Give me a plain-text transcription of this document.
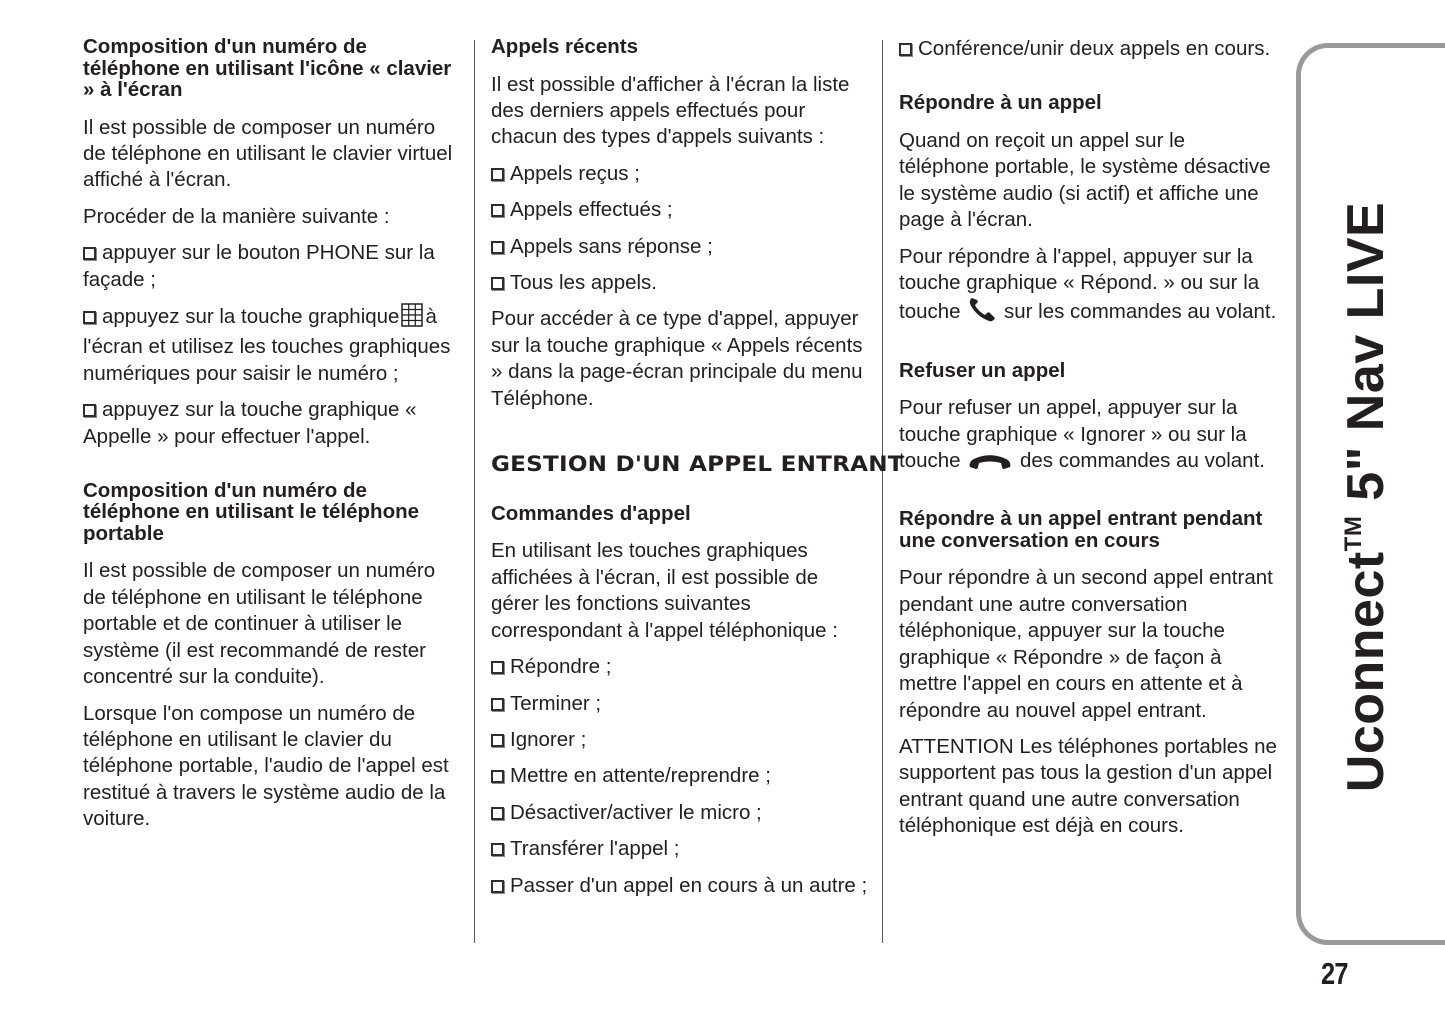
Composition d'un numéro de téléphone en utilisant l'icône « clavier » à l'écran

Il est possible de composer un numéro de téléphone en utilisant le clavier virtuel affiché à l'écran.

Procéder de la manière suivante :

appuyer sur le bouton PHONE sur la façade ;

appuyez sur la touche graphique à l'écran et utilisez les touches graphiques numériques pour saisir le numéro ;

appuyez sur la touche graphique « Appelle » pour effectuer l'appel.

Composition d'un numéro de téléphone en utilisant le téléphone portable

Il est possible de composer un numéro de téléphone en utilisant le téléphone portable et de continuer à utiliser le système (il est recommandé de rester concentré sur la conduite).

Lorsque l'on compose un numéro de téléphone en utilisant le clavier du téléphone portable, l'audio de l'appel est restitué à travers le système audio de la voiture.

Appels récents

Il est possible d'afficher à l'écran la liste des derniers appels effectués pour chacun des types d'appels suivants :

Appels reçus ;

Appels effectués ;

Appels sans réponse ;

Tous les appels.

Pour accéder à ce type d'appel, appuyer sur la touche graphique « Appels récents » dans la page-écran principale du menu Téléphone.

GESTION D'UN APPEL ENTRANT
Commandes d'appel

En utilisant les touches graphiques affichées à l'écran, il est possible de gérer les fonctions suivantes correspondant à l'appel téléphonique :

Répondre ;

Terminer ;

Ignorer ;

Mettre en attente/reprendre ;

Désactiver/activer le micro ;

Transférer l'appel ;

Passer d'un appel en cours à un autre ;

Conférence/unir deux appels en cours.

Répondre à un appel

Quand on reçoit un appel sur le téléphone portable, le système désactive le système audio (si actif) et affiche une page à l'écran.

Pour répondre à l'appel, appuyer sur la touche graphique « Répond. » ou sur la touche sur les commandes au volant.

Refuser un appel

Pour refuser un appel, appuyer sur la touche graphique « Ignorer » ou sur la touche	des commandes au volant.

Répondre à un appel entrant pendant une conversation en cours

Pour répondre à un second appel entrant pendant une autre conversation téléphonique, appuyer sur la touche graphique « Répondre » de façon à mettre l'appel en cours en attente et à répondre au nouvel appel entrant.

ATTENTION Les téléphones portables ne supportent pas tous la gestion d'un appel entrant quand une autre conversation téléphonique est déjà en cours.

Uconnect™ 5" Nav LIVE
27
